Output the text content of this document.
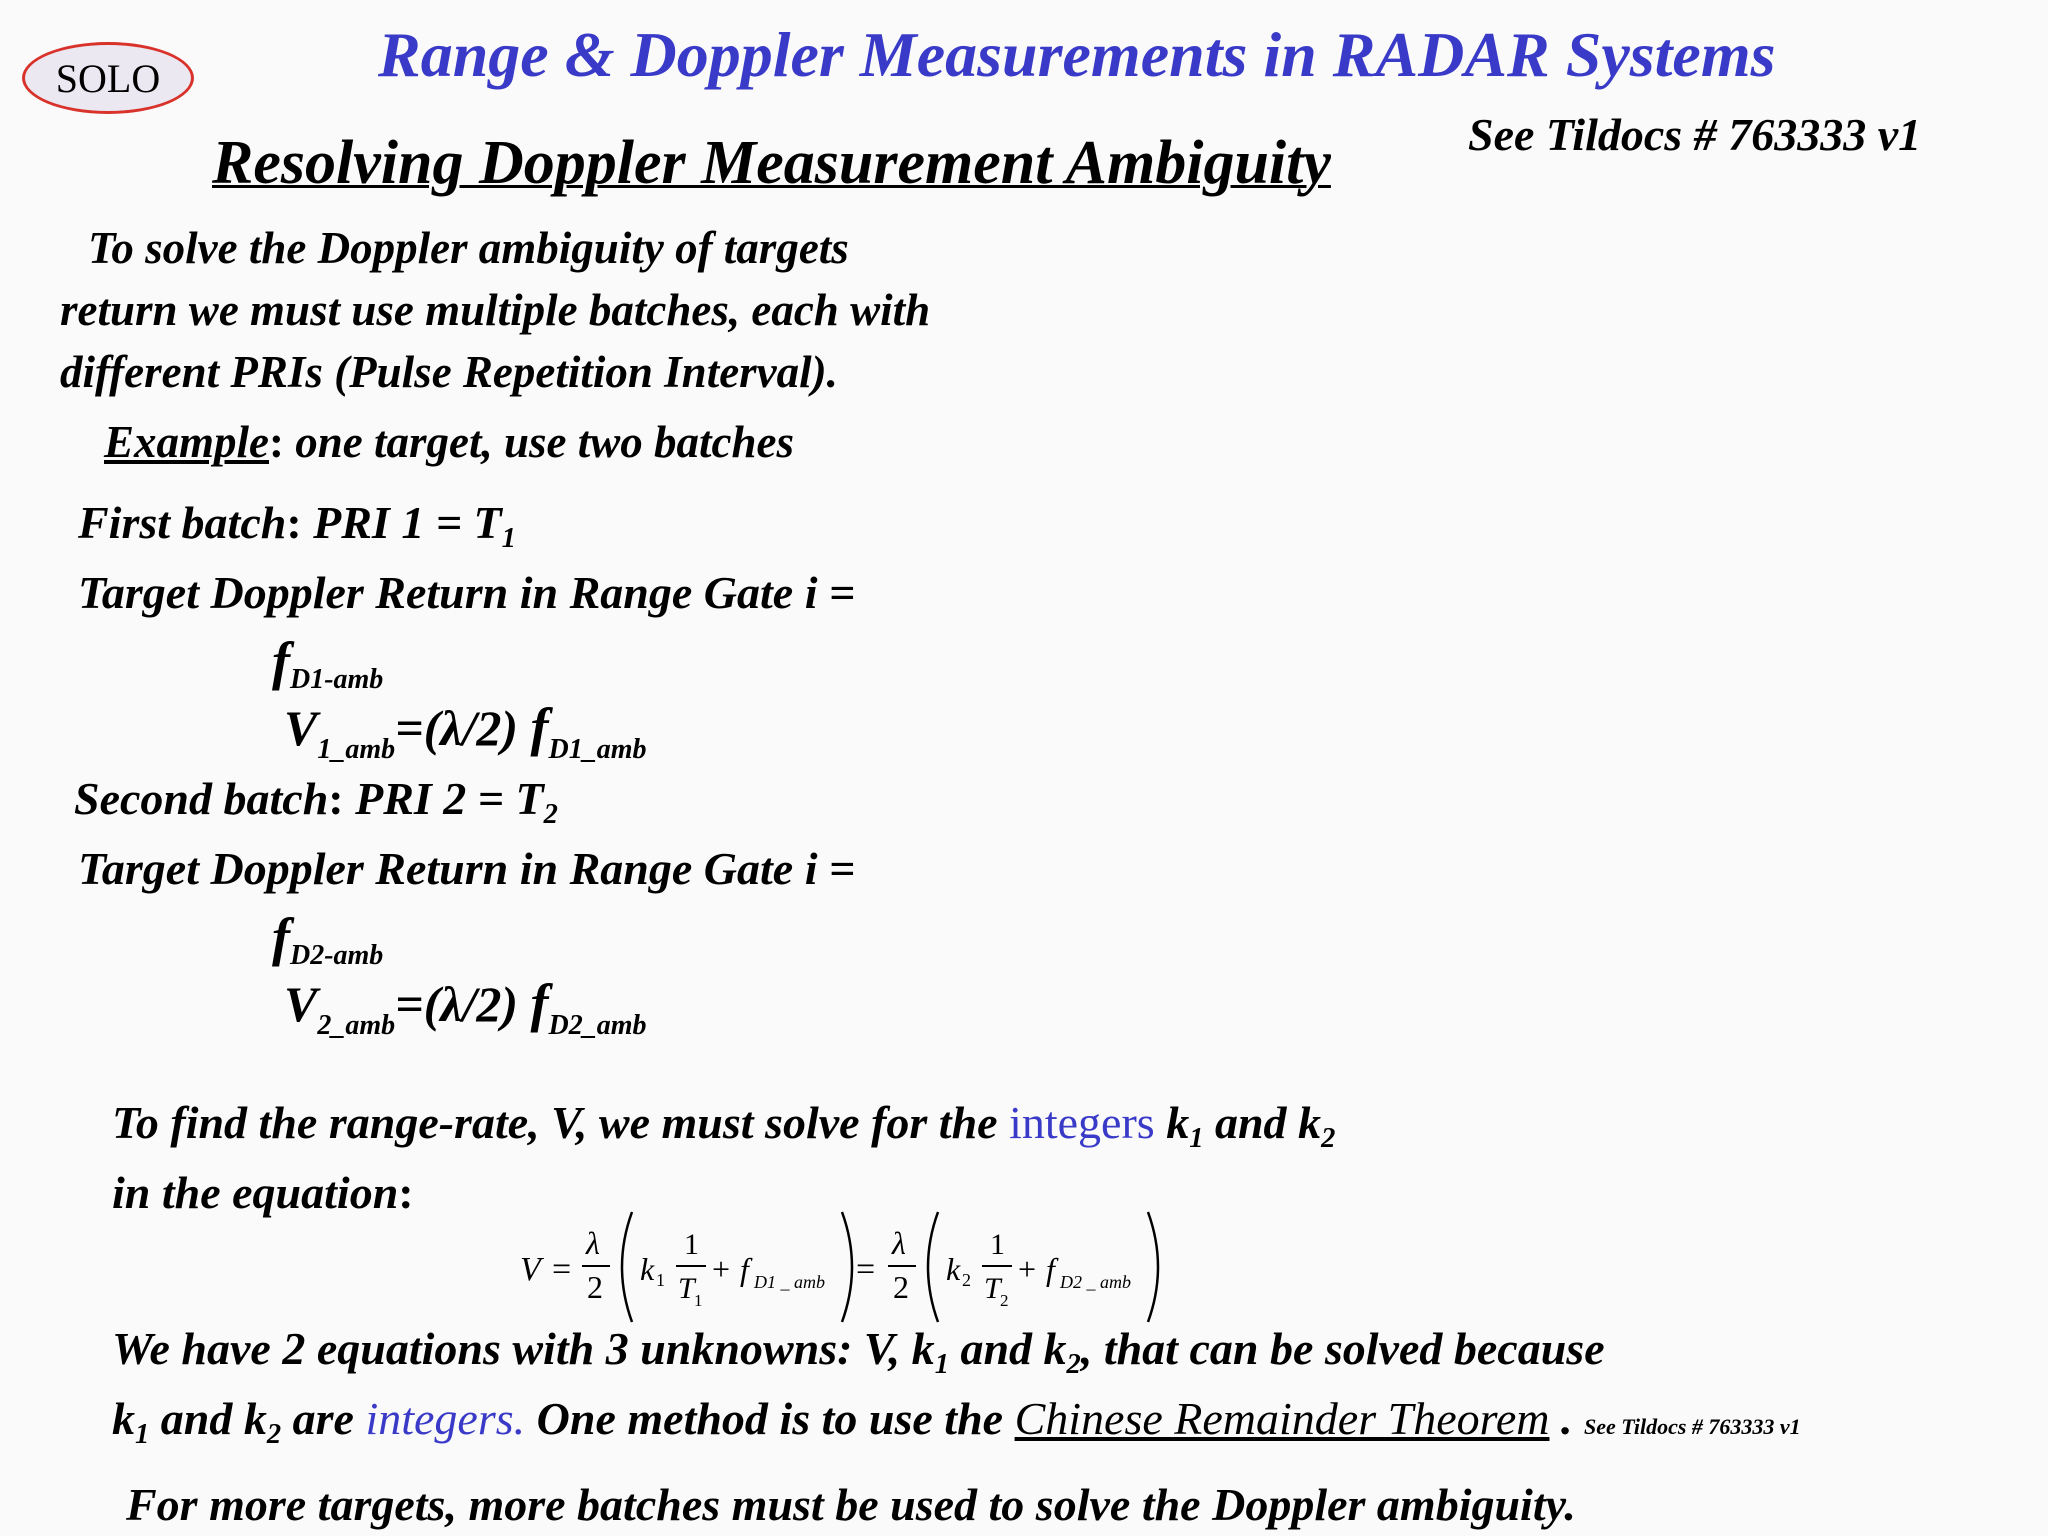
SOLO	Range & Doppler Measurements in RADAR Systems
Resolving Doppler Measurement Ambiguity	See Tildocs # 763333 v1
To solve the Doppler ambiguity of targets
return we must use multiple batches, each with
different PRIs (Pulse Repetition Interval).
Example: one target, use two batches
First batch: PRI 1 = T1
Target Doppler Return in Range Gate i =
fD1-amb
$V_{1\_amb}=(\lambda/2)$ $f_{D1\_amb}$
Second batch: PRI 2 = T2
Target Doppler Return in Range Gate i =
fD2-amb
$V_{2\_amb}=(\lambda/2)$ $f_{D2\_amb}$
To find the range-rate, V, we must solve for the integers k1 and k2
in the equation:
V =
λ
2 k 1
1
T 1
+ f D1 _ amb =
λ
2 k 2
1
T 2
+ f D2 _ amb
We have 2 equations with 3 unknowns: V, k1 and k2, that can be solved because
k1 and k2 are integers. One method is to use the Chinese Remainder Theorem . See Tildocs # 763333 v1
For more targets, more batches must be used to solve the Doppler ambiguity.
